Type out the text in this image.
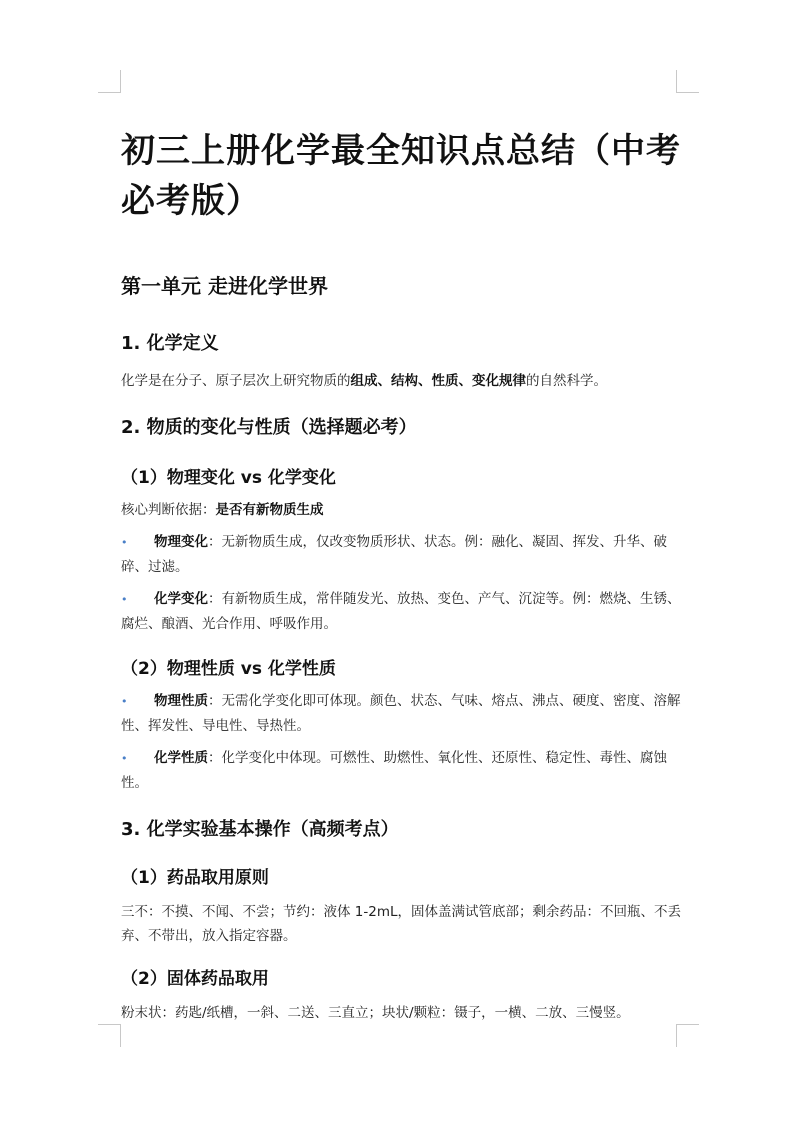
初三上册化学最全知识点总结（中考必考版）
第一单元 走进化学世界
1. 化学定义

化学是在分子、原子层次上研究物质的组成、结构、性质、变化规律的自然科学。

2. 物质的变化与性质（选择题必考）
（1）物理变化 vs 化学变化

核心判断依据：是否有新物质生成

• 物理变化：无新物质生成，仅改变物质形状、状态。例：融化、凝固、挥发、升华、破碎、过滤。

• 化学变化：有新物质生成，常伴随发光、放热、变色、产气、沉淀等。例：燃烧、生锈、腐烂、酿酒、光合作用、呼吸作用。

（2）物理性质 vs 化学性质

• 物理性质：无需化学变化即可体现。颜色、状态、气味、熔点、沸点、硬度、密度、溶解性、挥发性、导电性、导热性。

• 化学性质：化学变化中体现。可燃性、助燃性、氧化性、还原性、稳定性、毒性、腐蚀性。

3. 化学实验基本操作（高频考点）
（1）药品取用原则

三不：不摸、不闻、不尝；节约：液体 1-2mL，固体盖满试管底部；剩余药品：不回瓶、不丢弃、不带出，放入指定容器。

（2）固体药品取用

粉末状：药匙/纸槽，一斜、二送、三直立；块状/颗粒：镊子，一横、二放、三慢竖。
